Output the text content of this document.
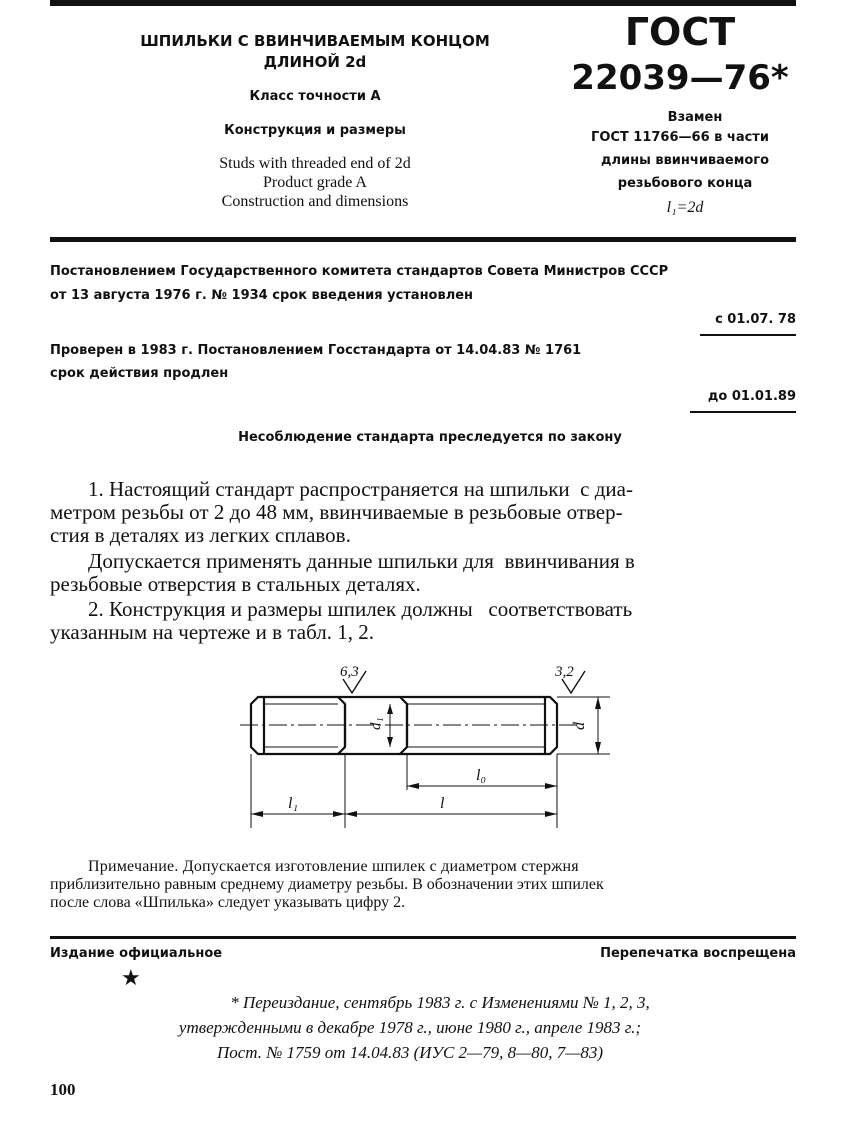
ШПИЛЬКИ С ВВИНЧИВАЕМЫМ КОНЦОМ
ДЛИНОЙ 2d
Класс точности А
Конструкция и размеры
Studs with threaded end of 2d
Product grade A
Construction and dimensions
ГОСТ
22039—76*
Взамен
ГОСТ 11766—66 в части
длины ввинчиваемого
резьбового конца
l₁=2d
Постановлением Государственного комитета стандартов Совета Министров СССР
от 13 августа 1976 г. № 1934 срок введения установлен
с 01.07. 78
Проверен в 1983 г. Постановлением Госстандарта от 14.04.83 № 1761
срок действия продлен
до 01.01.89
Несоблюдение стандарта преследуется по закону
1. Настоящий стандарт распространяется на шпильки  с диа-
метром резьбы от 2 до 48 мм, ввинчиваемые в резьбовые отвер-
стия в деталях из легких сплавов.
Допускается применять данные шпильки для  ввинчивания в
резьбовые отверстия в стальных деталях.
2. Конструкция и размеры шпилек должны   соответствовать
указанным на чертеже и в табл. 1, 2.
6,3	3,2
d₁	d
l₀
l₁	l
Примечание. Допускается изготовление шпилек с диаметром стержня
приблизительно равным среднему диаметру резьбы. В обозначении этих шпилек
после слова «Шпилька» следует указывать цифру 2.
Издание официальное	Перепечатка воспрещена
★
* Переиздание, сентябрь 1983 г. с Изменениями № 1, 2, 3,
утвержденными в декабре 1978 г., июне 1980 г., апреле 1983 г.;
Пост. № 1759 от 14.04.83 (ИУС 2—79, 8—80, 7—83)
100
